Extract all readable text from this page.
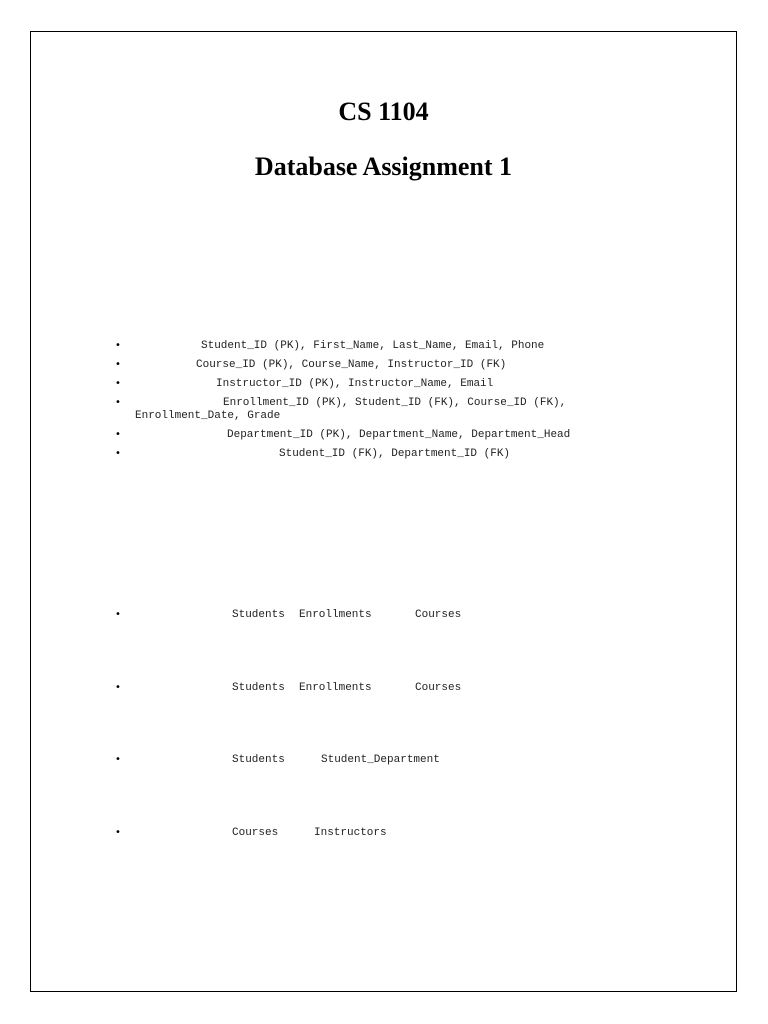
CS 1104
Database Assignment 1
•	Student_ID (PK), First_Name, Last_Name, Email, Phone
•	Course_ID (PK), Course_Name, Instructor_ID (FK)
•	Instructor_ID (PK), Instructor_Name, Email
•	Enrollment_ID (PK), Student_ID (FK), Course_ID (FK),
Enrollment_Date, Grade
•	Department_ID (PK), Department_Name, Department_Head
•	Student_ID (FK), Department_ID (FK)
•	Students Enrollments	Courses
•	Students Enrollments	Courses
•	Students	Student_Department
•	Courses	Instructors
